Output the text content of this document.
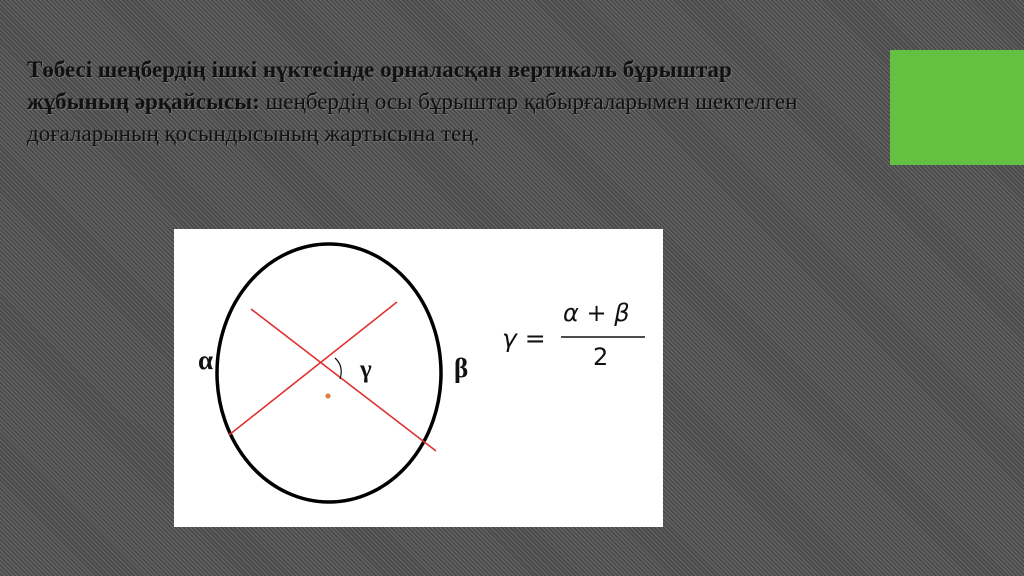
Төбесі шеңбердің ішкі нүктесінде орналасқан вертикаль бұрыштар жұбының әрқайсысы: шеңбердің осы бұрыштар қабырғаларымен шектелген доғаларының қосындысының жартысына тең.
α	γ	β
γ =
α + β
2
